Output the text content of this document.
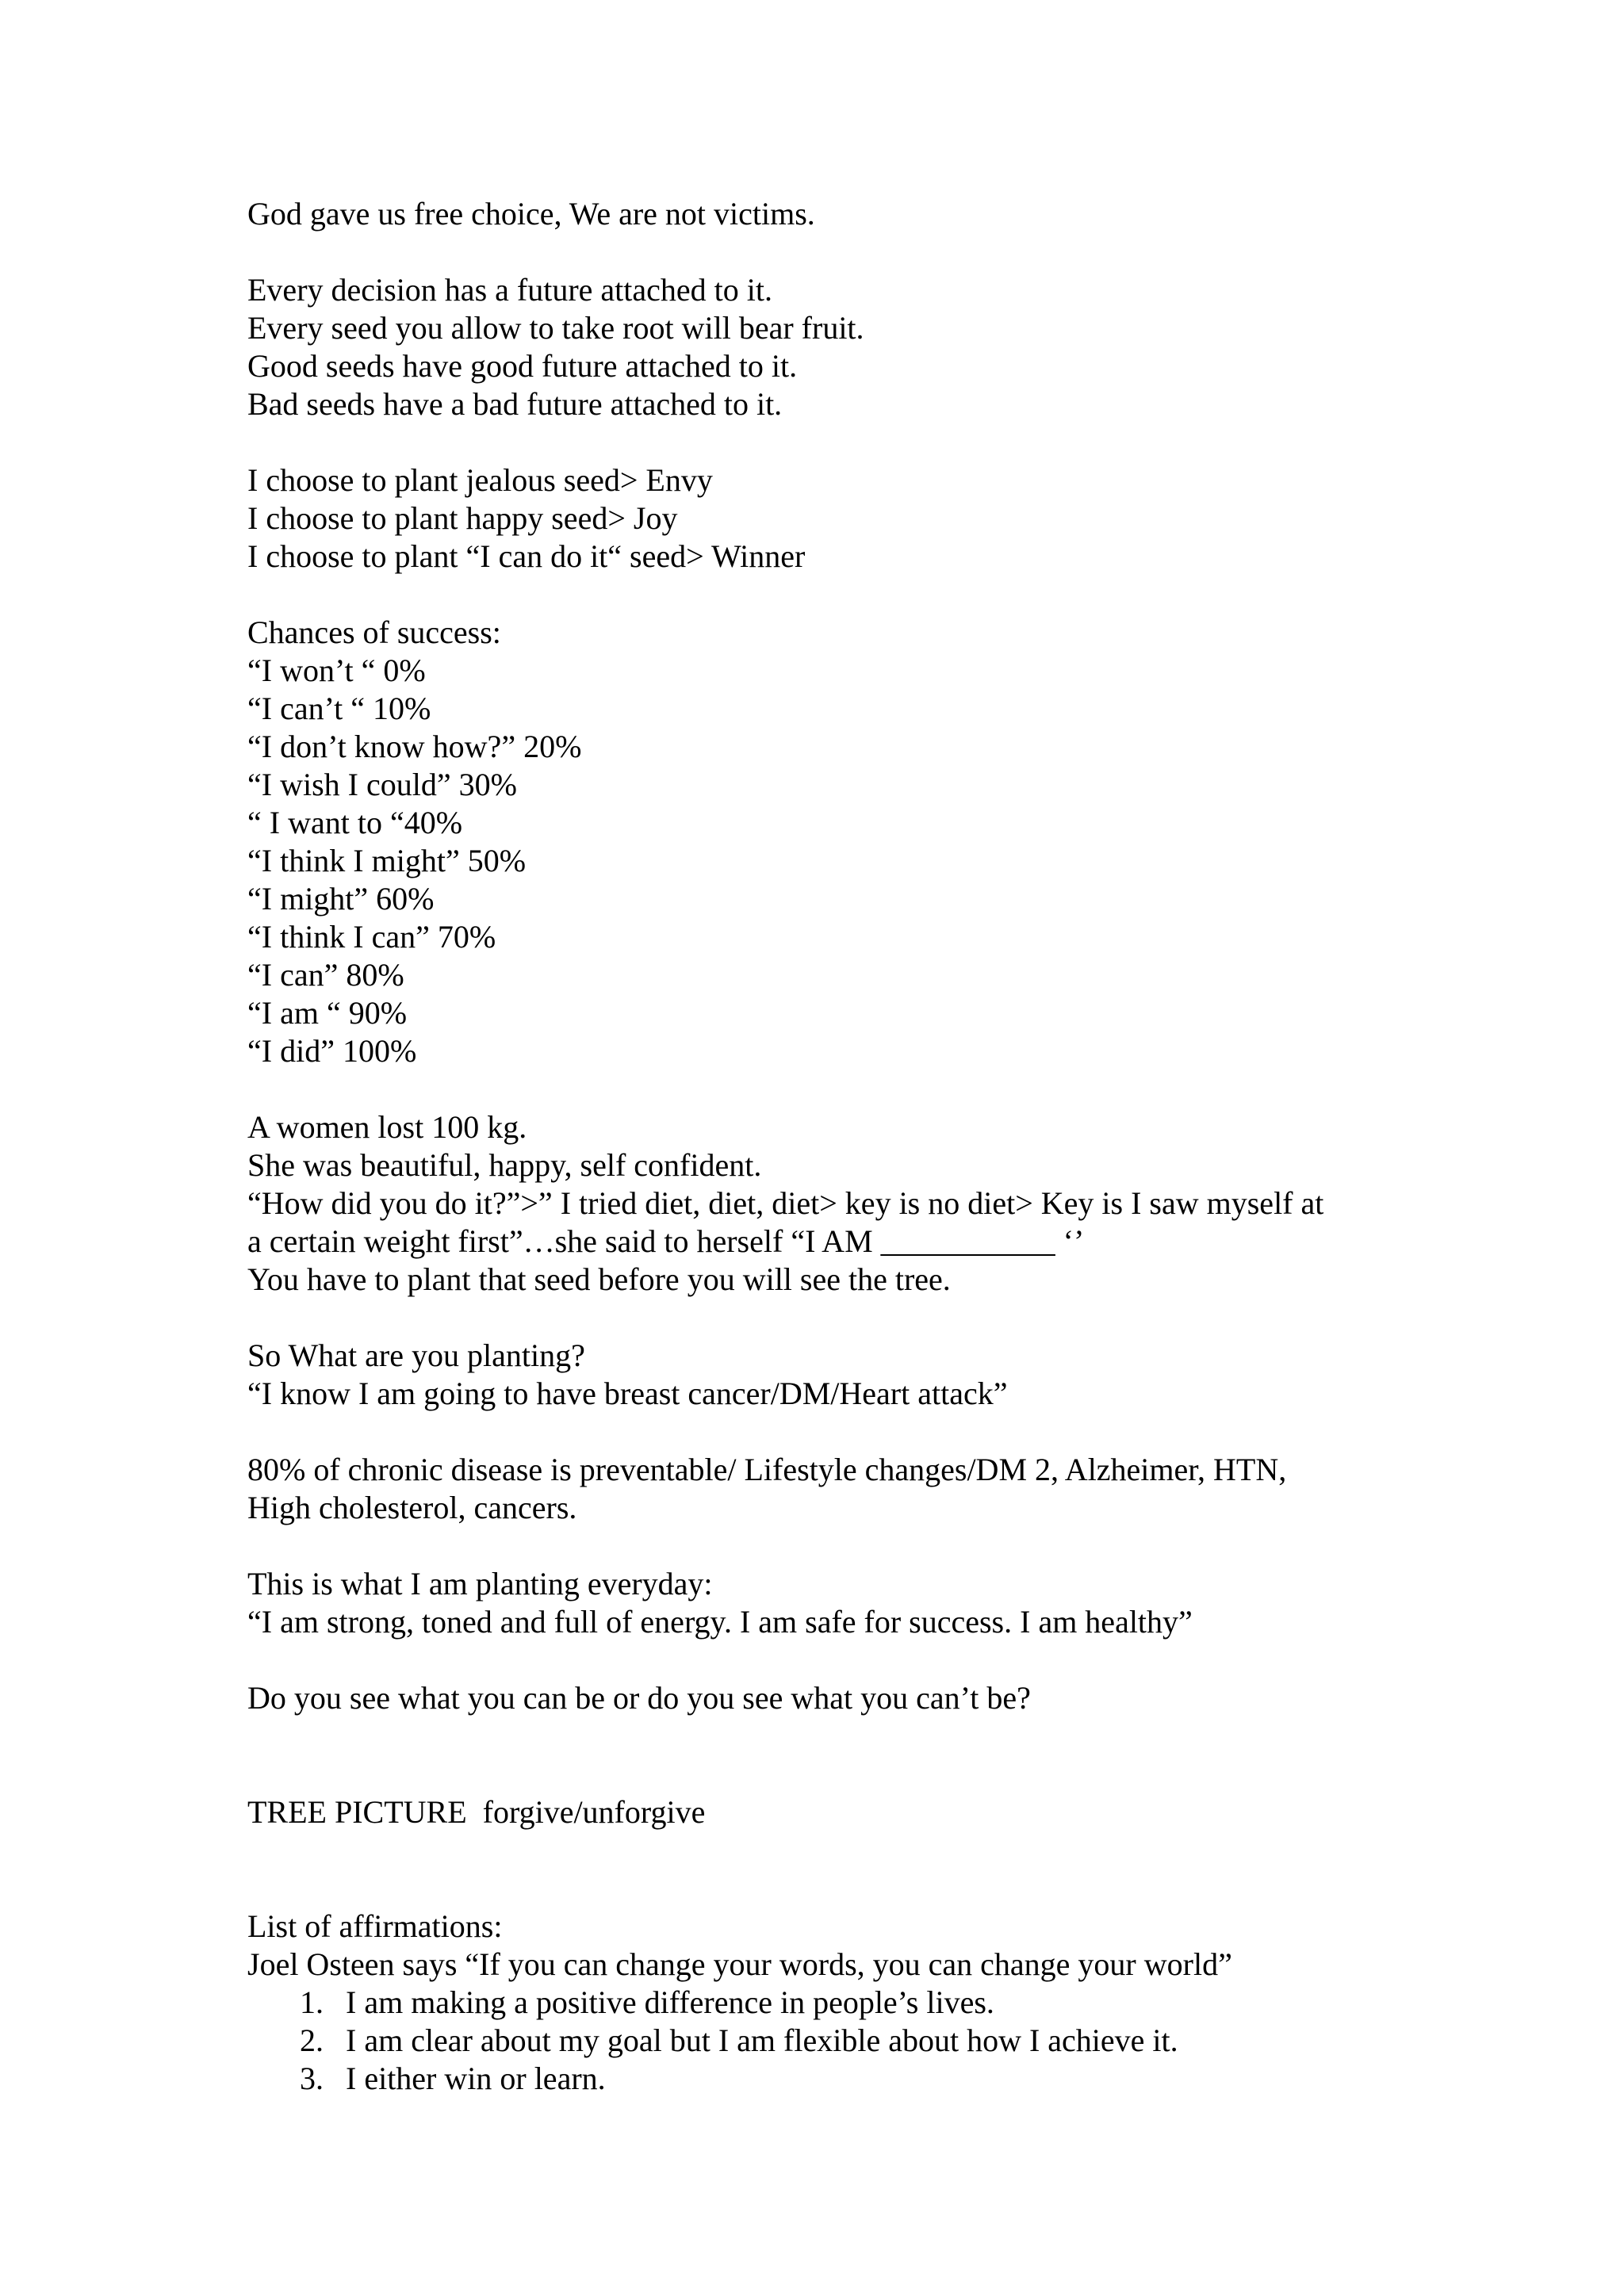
God gave us free choice, We are not victims.
Every decision has a future attached to it.
Every seed you allow to take root will bear fruit.
Good seeds have good future attached to it.
Bad seeds have a bad future attached to it.
I choose to plant jealous seed> Envy
I choose to plant happy seed> Joy
I choose to plant “I can do it“ seed> Winner
Chances of success:
“I won’t “ 0%
“I can’t “ 10%
“I don’t know how?” 20%
“I wish I could” 30%
“ I want to “40%
“I think I might” 50%
“I might” 60%
“I think I can” 70%
“I can” 80%
“I am “ 90%
“I did” 100%
A women lost 100 kg.
She was beautiful, happy, self confident.
“How did you do it?”>” I tried diet, diet, diet> key is no diet> Key is I saw myself at
a certain weight first”…she said to herself “I AM ___________ ‘’
You have to plant that seed before you will see the tree.
So What are you planting?
“I know I am going to have breast cancer/DM/Heart attack”
80% of chronic disease is preventable/ Lifestyle changes/DM 2, Alzheimer, HTN,
High cholesterol, cancers.
This is what I am planting everyday:
“I am strong, toned and full of energy. I am safe for success. I am healthy”
Do you see what you can be or do you see what you can’t be?
TREE PICTURE  forgive/unforgive
List of affirmations:
Joel Osteen says “If you can change your words, you can change your world”
1. I am making a positive difference in people’s lives.
2. I am clear about my goal but I am flexible about how I achieve it.
3. I either win or learn.
